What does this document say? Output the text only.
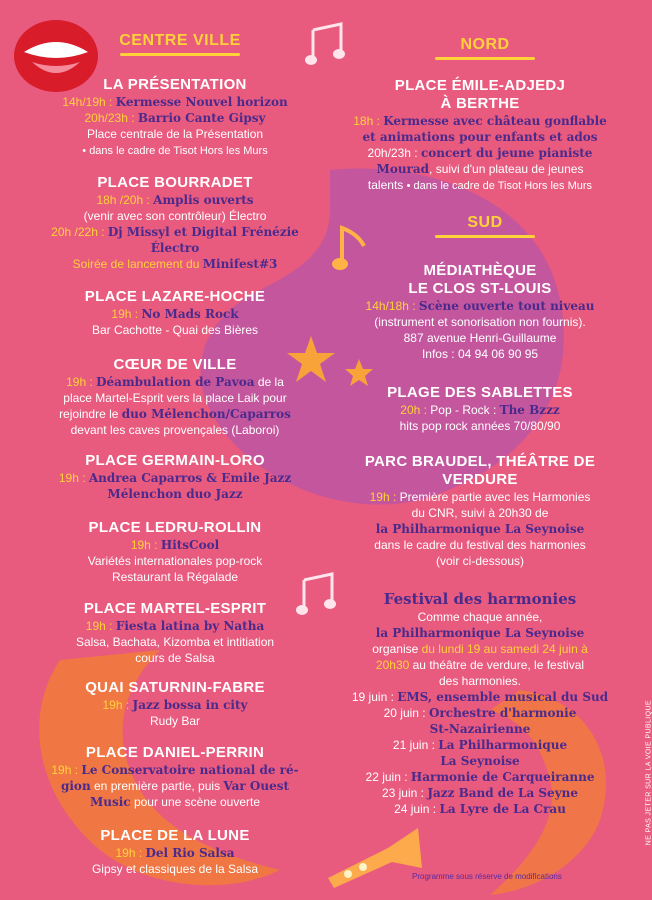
CENTRE VILLE	NORD
SUD
LA PRÉSENTATION
14h/19h : Kermesse Nouvel horizon
20h/23h : Barrio Cante Gipsy
Place centrale de la Présentation
• dans le cadre de Tisot Hors les Murs
PLACE BOURRADET
18h /20h : Amplis ouverts
(venir avec son contrôleur) Électro
20h /22h : Dj Missyl et Digital Frénézie
Électro
Soirée de lancement du Minifest#3
PLACE LAZARE-HOCHE
19h : No Mads Rock
Bar Cachotte - Quai des Bières
CŒUR DE VILLE
19h : Déambulation de Pavoa de la
place Martel-Esprit vers la place Laik pour
rejoindre le duo Mélenchon/Caparros
devant les caves provençales (Laboroi)
PLACE GERMAIN-LORO
19h : Andrea Caparros & Emile Jazz
Mélenchon duo Jazz
PLACE LEDRU-ROLLIN
19h : HitsCool
Variétés internationales pop-rock
Restaurant la Régalade
PLACE MARTEL-ESPRIT
19h : Fiesta latina by Natha
Salsa, Bachata, Kizomba et intitiation
cours de Salsa
QUAI SATURNIN-FABRE
19h : Jazz bossa in city
Rudy Bar
PLACE DANIEL-PERRIN
19h : Le Conservatoire national de ré-
gion en première partie, puis Var Ouest
Music pour une scène ouverte
PLACE DE LA LUNE
19h : Del Rio Salsa
Gipsy et classiques de la Salsa
PLACE ÉMILE-ADJEDJ
À BERTHE
18h : Kermesse avec château gonflable
et animations pour enfants et ados
20h/23h : concert du jeune pianiste
Mourad, suivi d'un plateau de jeunes
talents • dans le cadre de Tisot Hors les Murs
MÉDIATHÈQUE
LE CLOS ST-LOUIS
14h/18h : Scène ouverte tout niveau
(instrument et sonorisation non fournis).
887 avenue Henri-Guillaume
Infos : 04 94 06 90 95
PLAGE DES SABLETTES
20h : Pop - Rock : The Bzzz
hits pop rock années 70/80/90
PARC BRAUDEL, THÉÂTRE DE
VERDURE
19h : Première partie avec les Harmonies
du CNR, suivi à 20h30 de
la Philharmonique La Seynoise
dans le cadre du festival des harmonies
(voir ci-dessous)
Festival des harmonies
Comme chaque année,
la Philharmonique La Seynoise
organise du lundi 19 au samedi 24 juin à
20h30 au théâtre de verdure, le festival
des harmonies.
19 juin : EMS, ensemble musical du Sud
20 juin : Orchestre d'harmonie
St-Nazairienne
21 juin : La Philharmonique
La Seynoise
22 juin : Harmonie de Carqueiranne
23 juin : Jazz Band de La Seyne
24 juin : La Lyre de La Crau
Programme sous réserve de modifications
NE PAS JETER SUR LA VOIE PUBLIQUE
